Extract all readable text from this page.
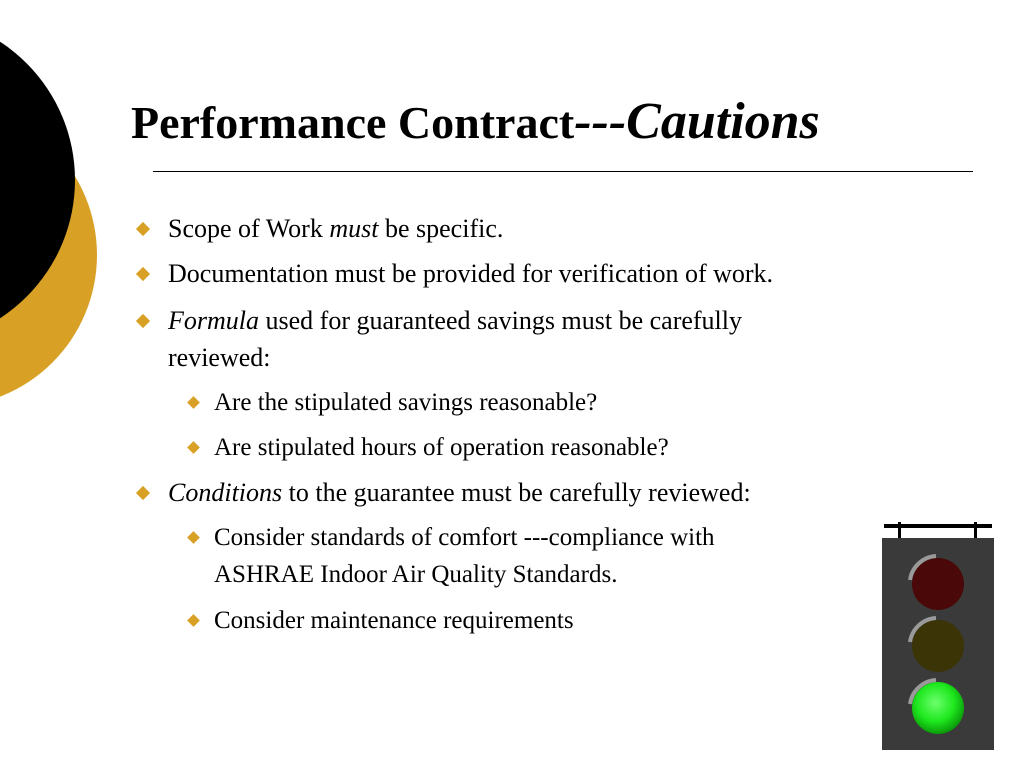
Performance Contract---Cautions
Scope of Work must be specific.
Documentation must be provided for verification of work.
Formula used for guaranteed savings must be carefully
reviewed:
Are the stipulated savings reasonable?
Are stipulated hours of operation reasonable?
Conditions to the guarantee must be carefully reviewed:
Consider standards of comfort ---compliance with
ASHRAE Indoor Air Quality Standards.
Consider maintenance requirements
